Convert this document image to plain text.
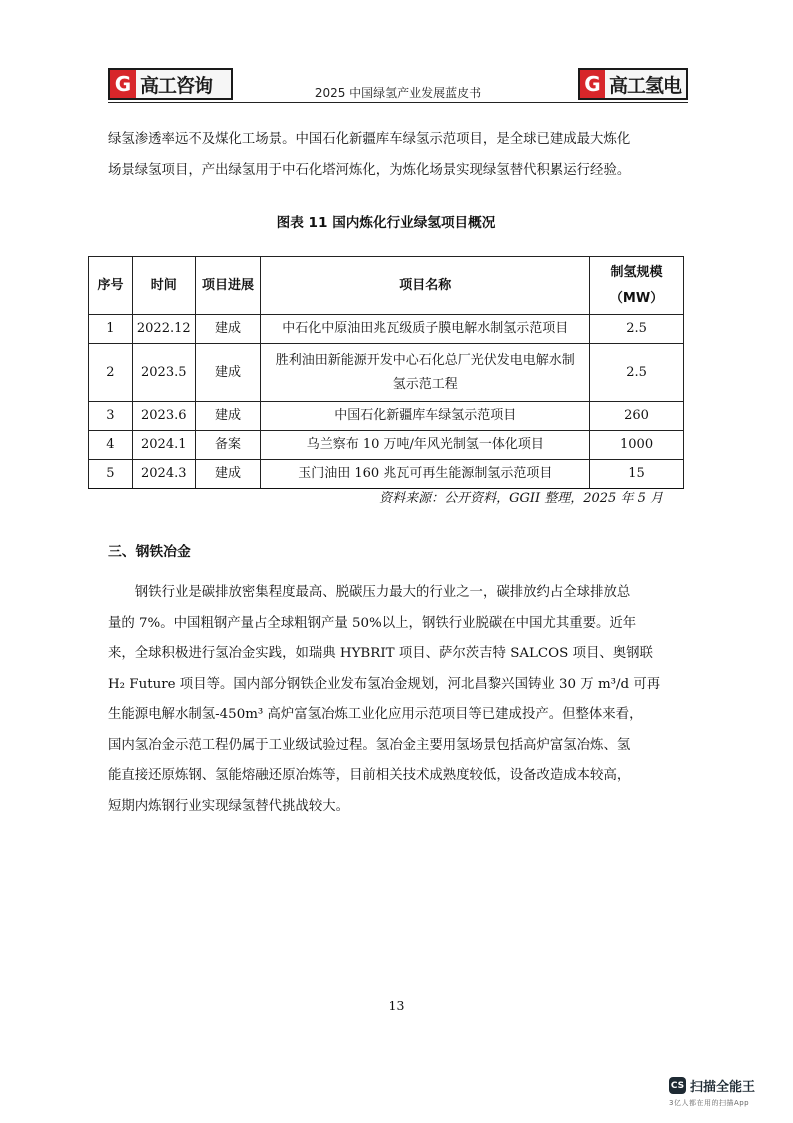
G 高工咨询	2025 中国绿氢产业发展蓝皮书	G 高工氢电
绿氢渗透率远不及煤化工场景。中国石化新疆库车绿氢示范项目，是全球已建成最大炼化
场景绿氢项目，产出绿氢用于中石化塔河炼化，为炼化场景实现绿氢替代积累运行经验。
图表 11 国内炼化行业绿氢项目概况
序号	时间	项目进展	项目名称	制氢规模
（MW）

1	2022.12	建成	中石化中原油田兆瓦级质子膜电解水制氢示范项目	2.5
2	2023.5	建成	胜利油田新能源开发中心石化总厂光伏发电电解水制氢示范工程	2.5
3	2023.6	建成	中国石化新疆库车绿氢示范项目	260
4	2024.1	备案	乌兰察布 10 万吨/年风光制氢一体化项目	1000
5	2024.3	建成	玉门油田 160 兆瓦可再生能源制氢示范项目	15
资料来源：公开资料，GGII 整理，2025 年 5 月
三、钢铁冶金
钢铁行业是碳排放密集程度最高、脱碳压力最大的行业之一，碳排放约占全球排放总
量的 7%。中国粗钢产量占全球粗钢产量 50%以上，钢铁行业脱碳在中国尤其重要。近年
来，全球积极进行氢冶金实践，如瑞典 HYBRIT 项目、萨尔茨吉特 SALCOS 项目、奥钢联
H₂ Future 项目等。国内部分钢铁企业发布氢冶金规划，河北昌黎兴国铸业 30 万 m³/d 可再
生能源电解水制氢-450m³ 高炉富氢冶炼工业化应用示范项目等已建成投产。但整体来看，
国内氢冶金示范工程仍属于工业级试验过程。氢冶金主要用氢场景包括高炉富氢冶炼、氢
能直接还原炼钢、氢能熔融还原冶炼等，目前相关技术成熟度较低，设备改造成本较高，
短期内炼钢行业实现绿氢替代挑战较大。
13
CS 扫描全能王
3亿人都在用的扫描App
